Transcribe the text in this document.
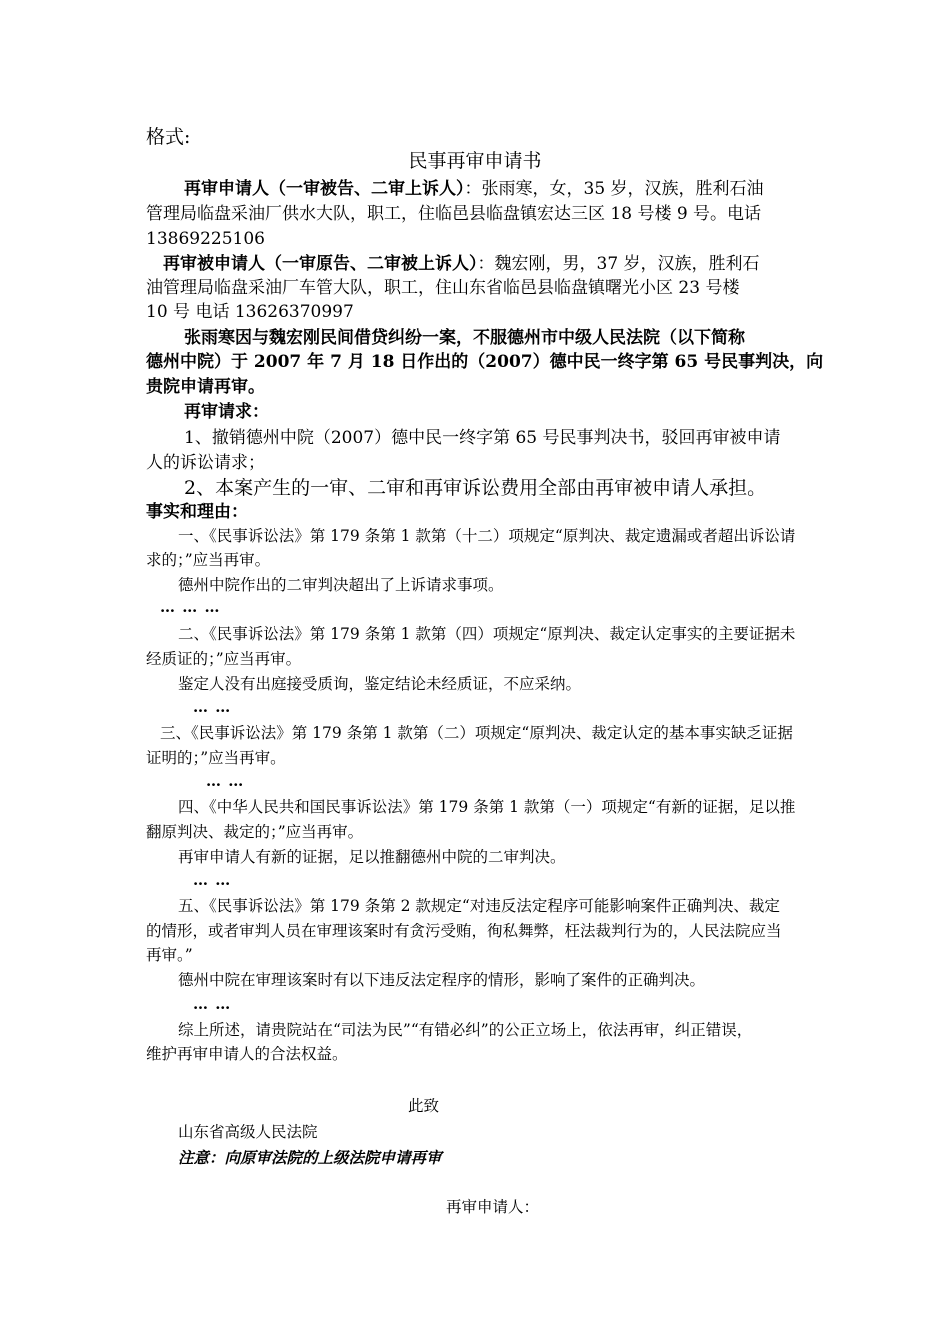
格式:
民事再审申请书
再审申请人（一审被告、二审上诉人）：张雨寒，女，35 岁，汉族，胜利石油
管理局临盘采油厂供水大队，职工，住临邑县临盘镇宏达三区 18 号楼 9 号。电话
13869225106
再审被申请人（一审原告、二审被上诉人）：魏宏刚，男，37 岁，汉族，胜利石
油管理局临盘采油厂车管大队，职工，住山东省临邑县临盘镇曙光小区 23 号楼
10 号 电话 13626370997
张雨寒因与魏宏刚民间借贷纠纷一案，不服德州市中级人民法院（以下简称
德州中院）于 2007 年 7 月 18 日作出的（2007）德中民一终字第 65 号民事判决，向
贵院申请再审。
再审请求：
1、撤销德州中院（2007）德中民一终字第 65 号民事判决书，驳回再审被申请
人的诉讼请求；
2、本案产生的一审、二审和再审诉讼费用全部由再审被申请人承担。
事实和理由：
一、《民事诉讼法》第 179 条第 1 款第（十二）项规定“原判决、裁定遗漏或者超出诉讼请
求的；”应当再审。
德州中院作出的二审判决超出了上诉请求事项。
… … …
二、《民事诉讼法》第 179 条第 1 款第（四）项规定“原判决、裁定认定事实的主要证据未
经质证的；”应当再审。
鉴定人没有出庭接受质询，鉴定结论未经质证，不应采纳。
… …
三、《民事诉讼法》第 179 条第 1 款第（二）项规定“原判决、裁定认定的基本事实缺乏证据
证明的；”应当再审。
… …
四、《中华人民共和国民事诉讼法》第 179 条第 1 款第（一）项规定“有新的证据，足以推
翻原判决、裁定的；”应当再审。
再审申请人有新的证据，足以推翻德州中院的二审判决。
… …
五、《民事诉讼法》第 179 条第 2 款规定“对违反法定程序可能影响案件正确判决、裁定
的情形，或者审判人员在审理该案时有贪污受贿，徇私舞弊，枉法裁判行为的，人民法院应当
再审。”
德州中院在审理该案时有以下违反法定程序的情形，影响了案件的正确判决。
… …
综上所述，请贵院站在“司法为民”“有错必纠”的公正立场上，依法再审，纠正错误，
维护再审申请人的合法权益。
此致
山东省高级人民法院
注意：向原审法院的上级法院申请再审
再审申请人：
